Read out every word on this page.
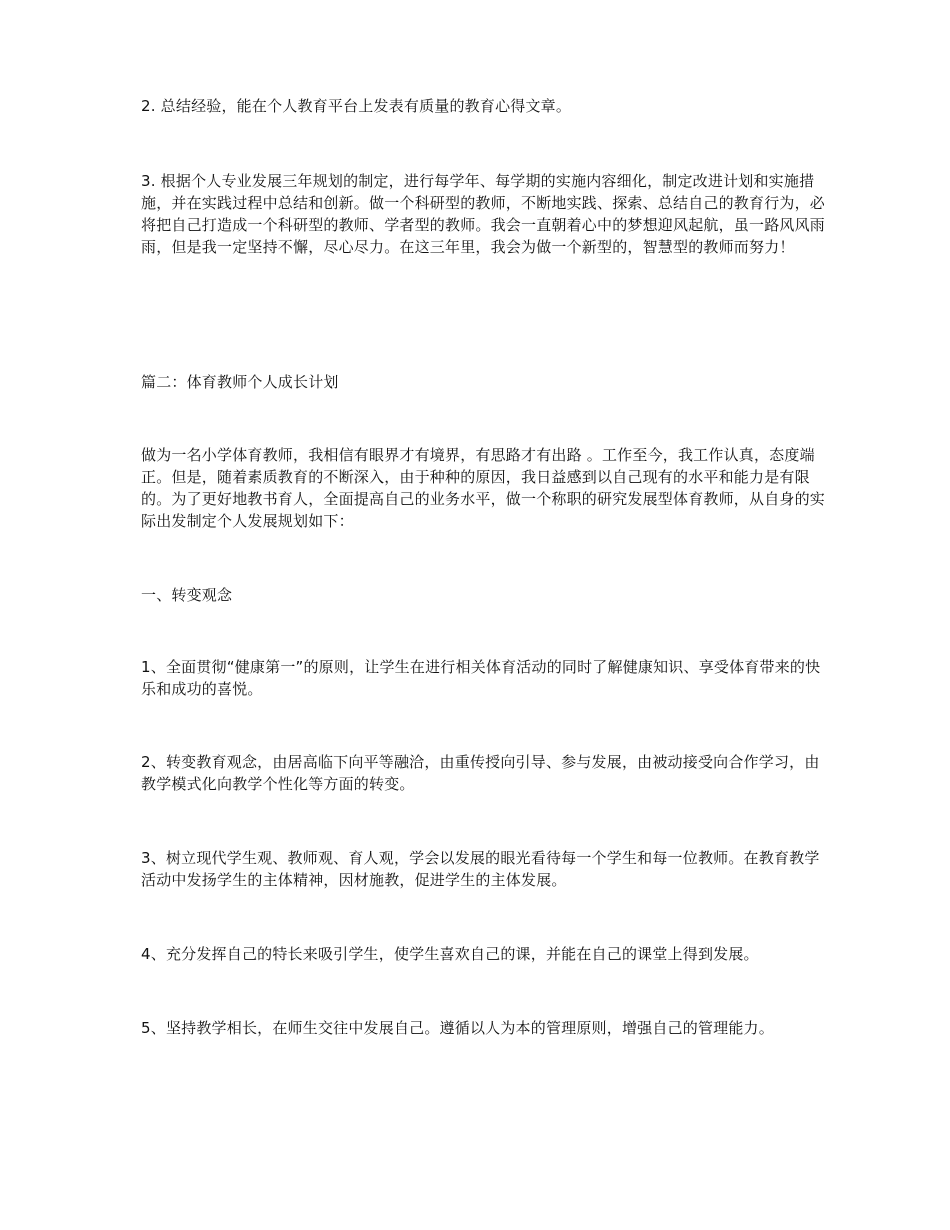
2. 总结经验，能在个人教育平台上发表有质量的教育心得文章。

3. 根据个人专业发展三年规划的制定，进行每学年、每学期的实施内容细化，制定改进计划和实施措施，并在实践过程中总结和创新。做一个科研型的教师，不断地实践、探索、总结自己的教育行为，必将把自己打造成一个科研型的教师、学者型的教师。我会一直朝着心中的梦想迎风起航，虽一路风风雨雨，但是我一定坚持不懈，尽心尽力。在这三年里，我会为做一个新型的，智慧型的教师而努力！

篇二：体育教师个人成长计划

做为一名小学体育教师，我相信有眼界才有境界，有思路才有出路 。工作至今，我工作认真，态度端正。但是，随着素质教育的不断深入，由于种种的原因，我日益感到以自己现有的水平和能力是有限的。为了更好地教书育人，全面提高自己的业务水平，做一个称职的研究发展型体育教师，从自身的实际出发制定个人发展规划如下：

一、转变观念

1、全面贯彻“健康第一”的原则，让学生在进行相关体育活动的同时了解健康知识、享受体育带来的快乐和成功的喜悦。

2、转变教育观念，由居高临下向平等融洽，由重传授向引导、参与发展，由被动接受向合作学习，由教学模式化向教学个性化等方面的转变。

3、树立现代学生观、教师观、育人观，学会以发展的眼光看待每一个学生和每一位教师。在教育教学活动中发扬学生的主体精神，因材施教，促进学生的主体发展。

4、充分发挥自己的特长来吸引学生，使学生喜欢自己的课，并能在自己的课堂上得到发展。

5、坚持教学相长，在师生交往中发展自己。遵循以人为本的管理原则，增强自己的管理能力。
